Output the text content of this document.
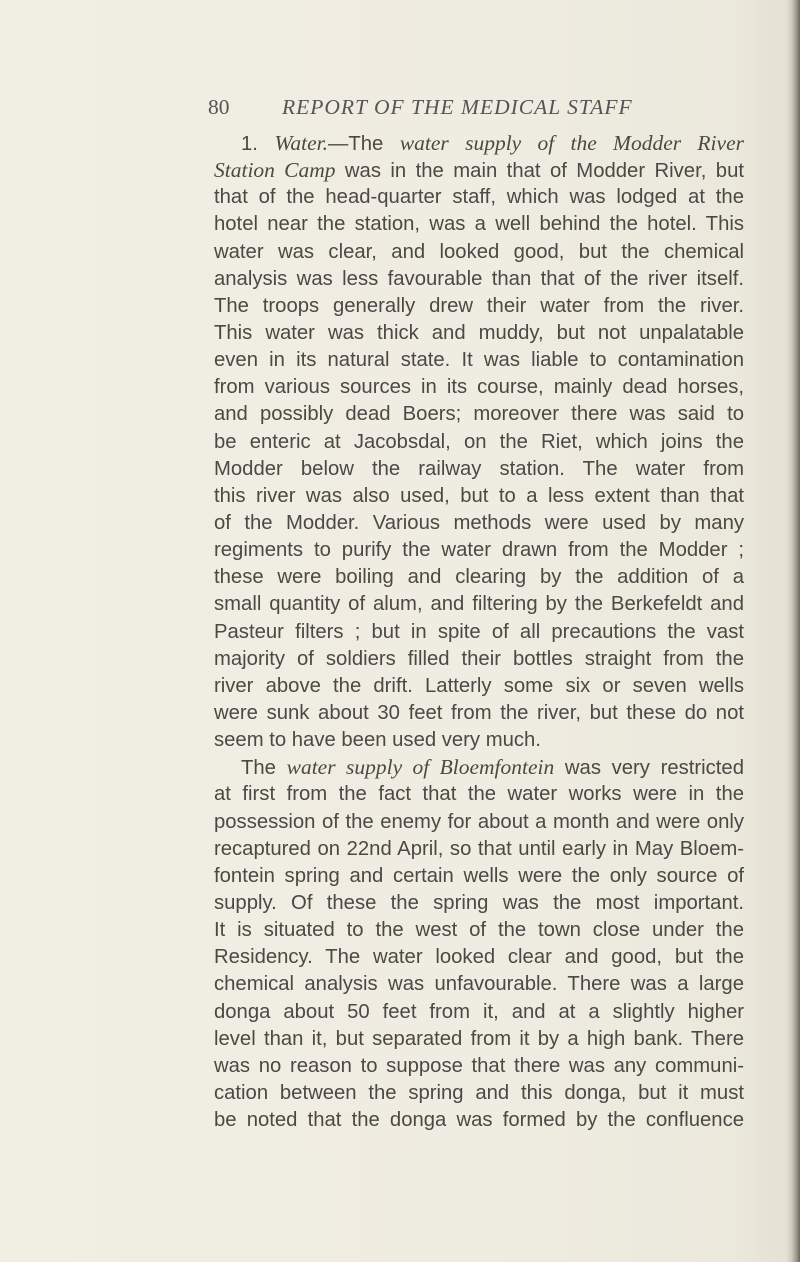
80 REPORT OF THE MEDICAL STAFF
1. Water.—The water supply of the Modder River
Station Camp was in the main that of Modder River, but
that of the head-quarter staff, which was lodged at the
hotel near the station, was a well behind the hotel. This
water was clear, and looked good, but the chemical
analysis was less favourable than that of the river itself.
The troops generally drew their water from the river.
This water was thick and muddy, but not unpalatable
even in its natural state. It was liable to contamination
from various sources in its course, mainly dead horses,
and possibly dead Boers; moreover there was said to
be enteric at Jacobsdal, on the Riet, which joins the
Modder below the railway station. The water from
this river was also used, but to a less extent than that
of the Modder. Various methods were used by many
regiments to purify the water drawn from the Modder ;
these were boiling and clearing by the addition of a
small quantity of alum, and filtering by the Berkefeldt and
Pasteur filters ; but in spite of all precautions the vast
majority of soldiers filled their bottles straight from the
river above the drift. Latterly some six or seven wells
were sunk about 30 feet from the river, but these do not
seem to have been used very much.
The water supply of Bloemfontein was very restricted
at first from the fact that the water works were in the
possession of the enemy for about a month and were only
recaptured on 22nd April, so that until early in May Bloem-
fontein spring and certain wells were the only source of
supply. Of these the spring was the most important.
It is situated to the west of the town close under the
Residency. The water looked clear and good, but the
chemical analysis was unfavourable. There was a large
donga about 50 feet from it, and at a slightly higher
level than it, but separated from it by a high bank. There
was no reason to suppose that there was any communi-
cation between the spring and this donga, but it must
be noted that the donga was formed by the confluence
